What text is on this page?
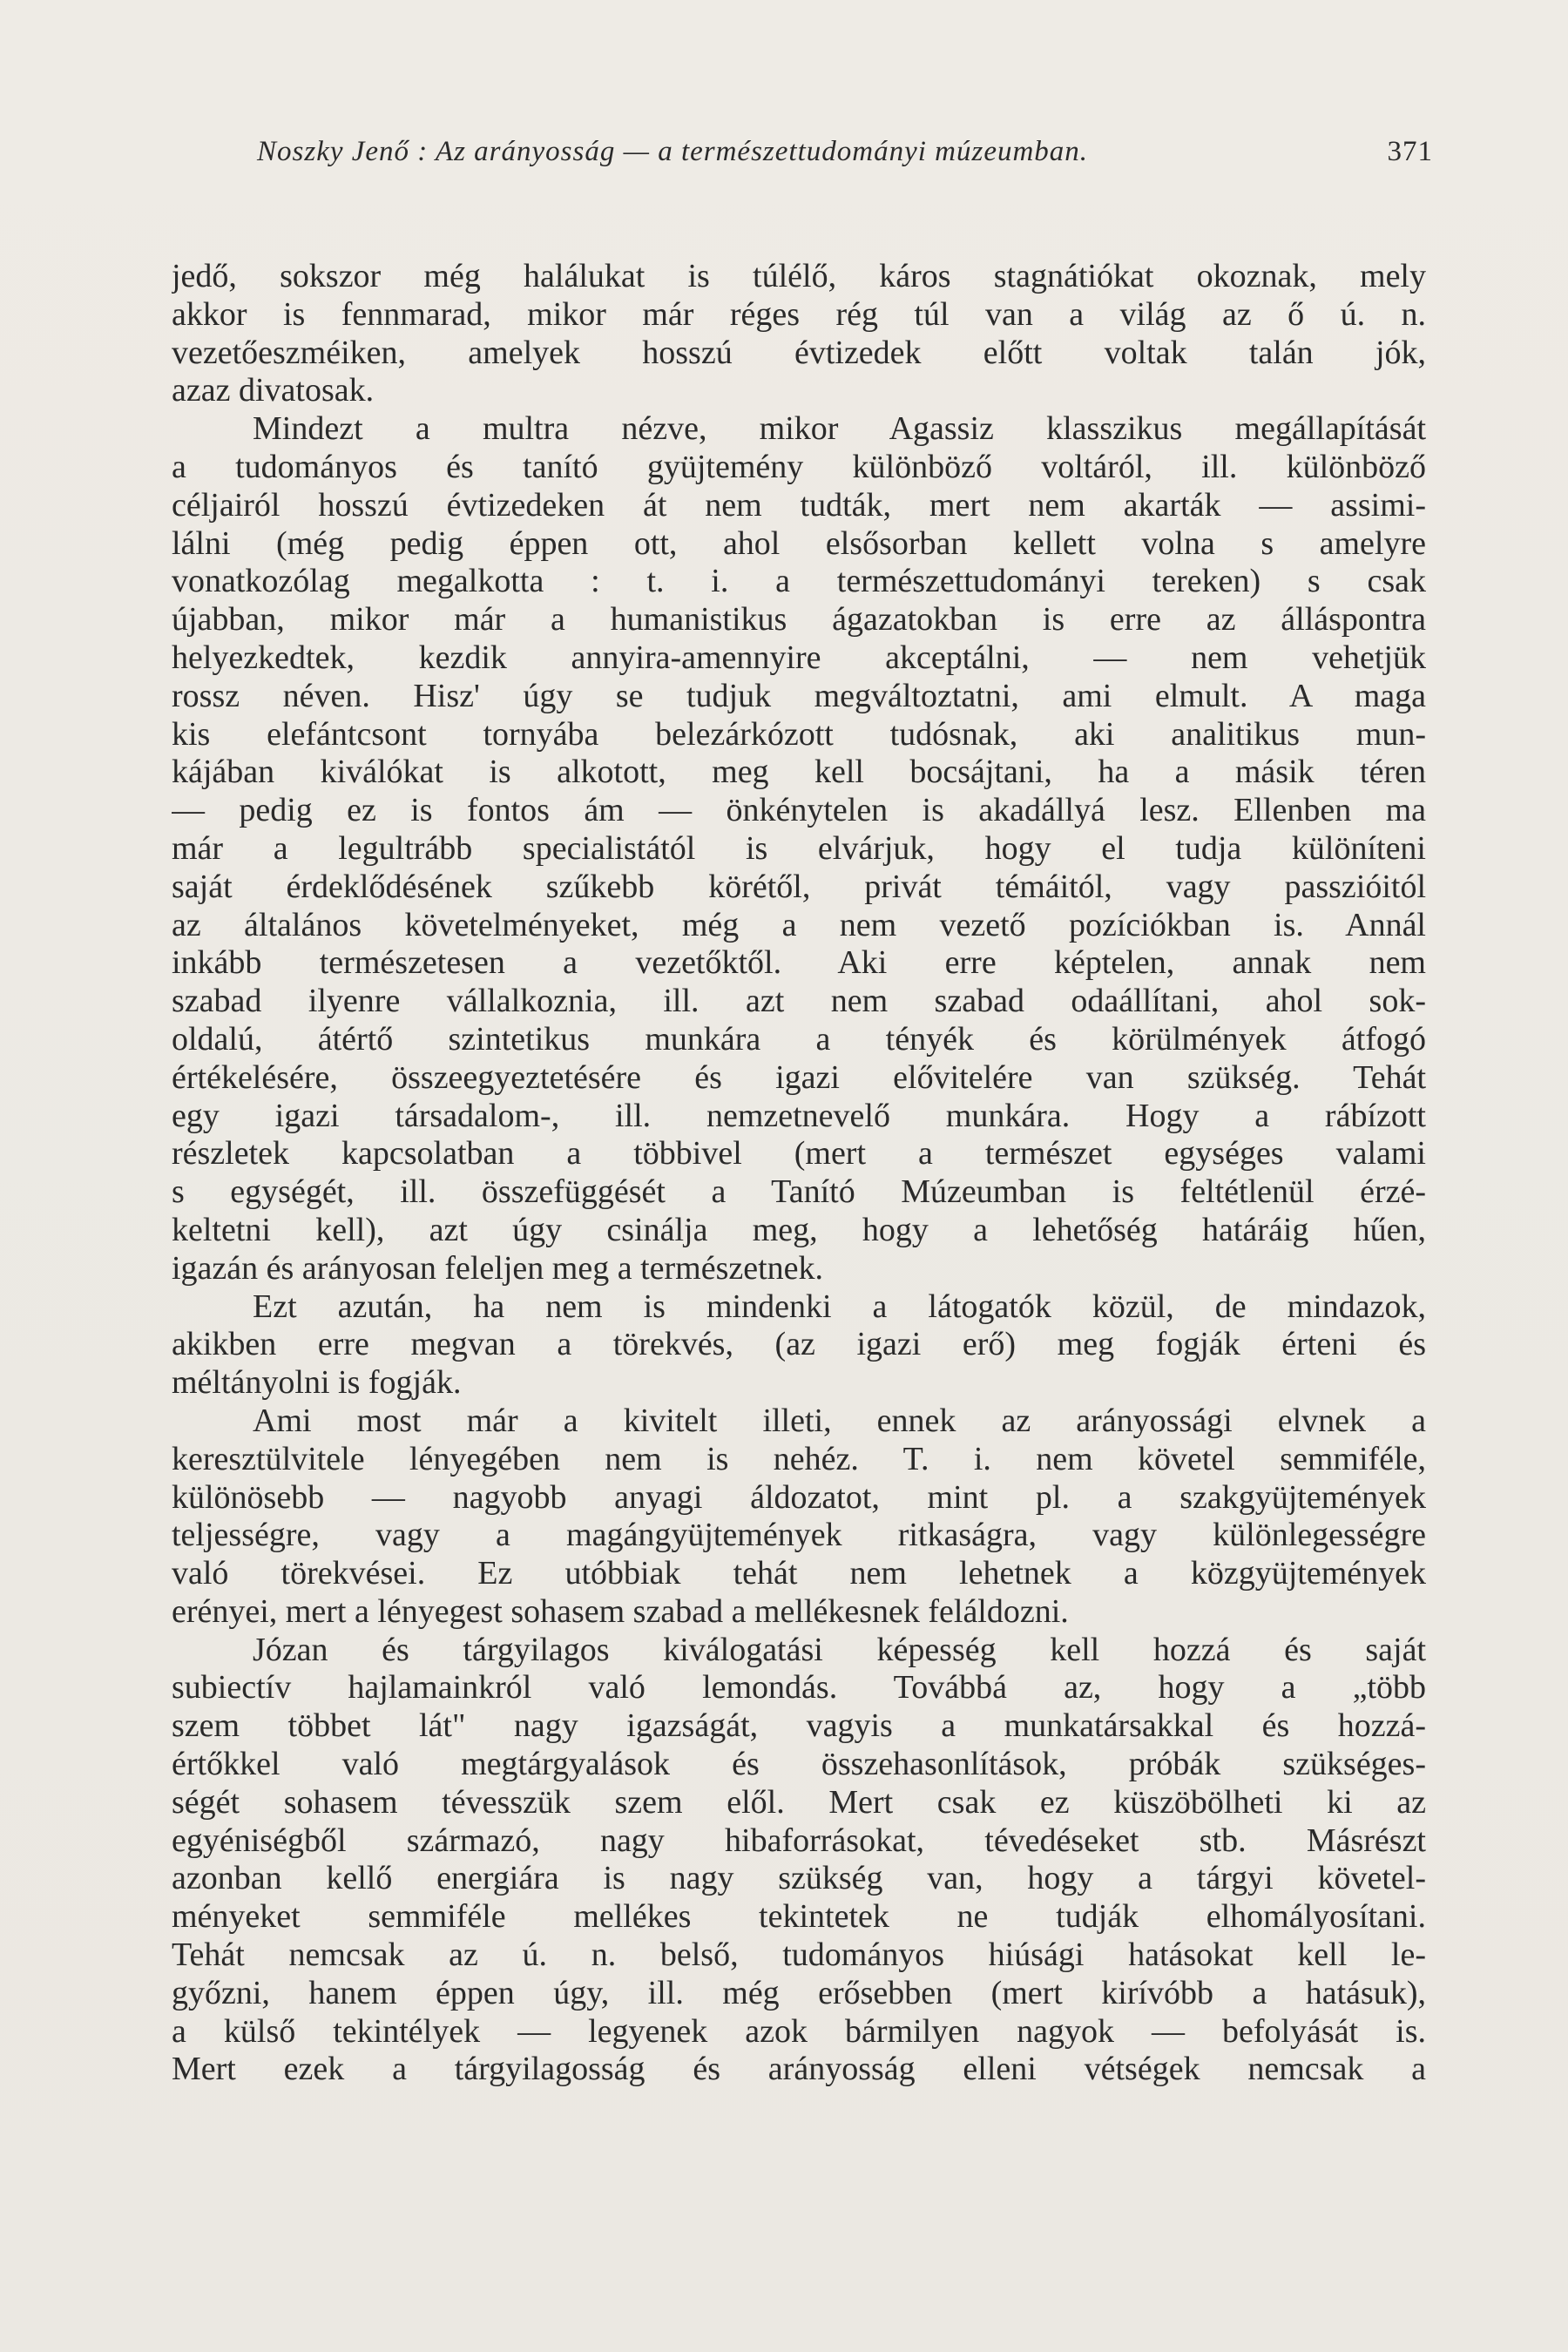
Noszky Jenő : Az arányosság — a természettudományi múzeumban.	371
jedő, sokszor még halálukat is túlélő, káros stagnátiókat okoznak, mely
akkor is fennmarad, mikor már réges rég túl van a világ az ő ú. n.
vezetőeszméiken, amelyek hosszú évtizedek előtt voltak talán jók,
azaz divatosak.
Mindezt a multra nézve, mikor Agassiz klasszikus megállapítását
a tudományos és tanító gyüjtemény különböző voltáról, ill. különböző
céljairól hosszú évtizedeken át nem tudták, mert nem akarták — assimi-
lálni (még pedig éppen ott, ahol elsősorban kellett volna s amelyre
vonatkozólag megalkotta : t. i. a természettudományi tereken) s csak
újabban, mikor már a humanistikus ágazatokban is erre az álláspontra
helyezkedtek, kezdik annyira-amennyire akceptálni, — nem vehetjük
rossz néven. Hisz' úgy se tudjuk megváltoztatni, ami elmult. A maga
kis elefántcsont tornyába belezárkózott tudósnak, aki analitikus mun-
kájában kiválókat is alkotott, meg kell bocsájtani, ha a másik téren
— pedig ez is fontos ám — önkénytelen is akadállyá lesz. Ellenben ma
már a legultrább specialistától is elvárjuk, hogy el tudja különíteni
saját érdeklődésének szűkebb körétől, privát témáitól, vagy passzióitól
az általános követelményeket, még a nem vezető pozíciókban is. Annál
inkább természetesen a vezetőktől. Aki erre képtelen, annak nem
szabad ilyenre vállalkoznia, ill. azt nem szabad odaállítani, ahol sok-
oldalú, átértő szintetikus munkára a tényék és körülmények átfogó
értékelésére, összeegyeztetésére és igazi elővitelére van szükség. Tehát
egy igazi társadalom-, ill. nemzetnevelő munkára. Hogy a rábízott
részletek kapcsolatban a többivel (mert a természet egységes valami
s egységét, ill. összefüggését a Tanító Múzeumban is feltétlenül érzé-
keltetni kell), azt úgy csinálja meg, hogy a lehetőség határáig hűen,
igazán és arányosan feleljen meg a természetnek.
Ezt azután, ha nem is mindenki a látogatók közül, de mindazok,
akikben erre megvan a törekvés, (az igazi erő) meg fogják érteni és
méltányolni is fogják.
Ami most már a kivitelt illeti, ennek az arányossági elvnek a
keresztülvitele lényegében nem is nehéz. T. i. nem követel semmiféle,
különösebb — nagyobb anyagi áldozatot, mint pl. a szakgyüjtemények
teljességre, vagy a magángyüjtemények ritkaságra, vagy különlegességre
való törekvései. Ez utóbbiak tehát nem lehetnek a közgyüjtemények
erényei, mert a lényegest sohasem szabad a mellékesnek feláldozni.
Józan és tárgyilagos kiválogatási képesség kell hozzá és saját
subiectív hajlamainkról való lemondás. Továbbá az, hogy a „több
szem többet lát" nagy igazságát, vagyis a munkatársakkal és hozzá-
értőkkel való megtárgyalások és összehasonlítások, próbák szükséges-
ségét sohasem tévesszük szem elől. Mert csak ez küszöbölheti ki az
egyéniségből származó, nagy hibaforrásokat, tévedéseket stb. Másrészt
azonban kellő energiára is nagy szükség van, hogy a tárgyi követel-
ményeket semmiféle mellékes tekintetek ne tudják elhomályosítani.
Tehát nemcsak az ú. n. belső, tudományos hiúsági hatásokat kell le-
győzni, hanem éppen úgy, ill. még erősebben (mert kirívóbb a hatásuk),
a külső tekintélyek — legyenek azok bármilyen nagyok — befolyását is.
Mert ezek a tárgyilagosság és arányosság elleni vétségek nemcsak a
